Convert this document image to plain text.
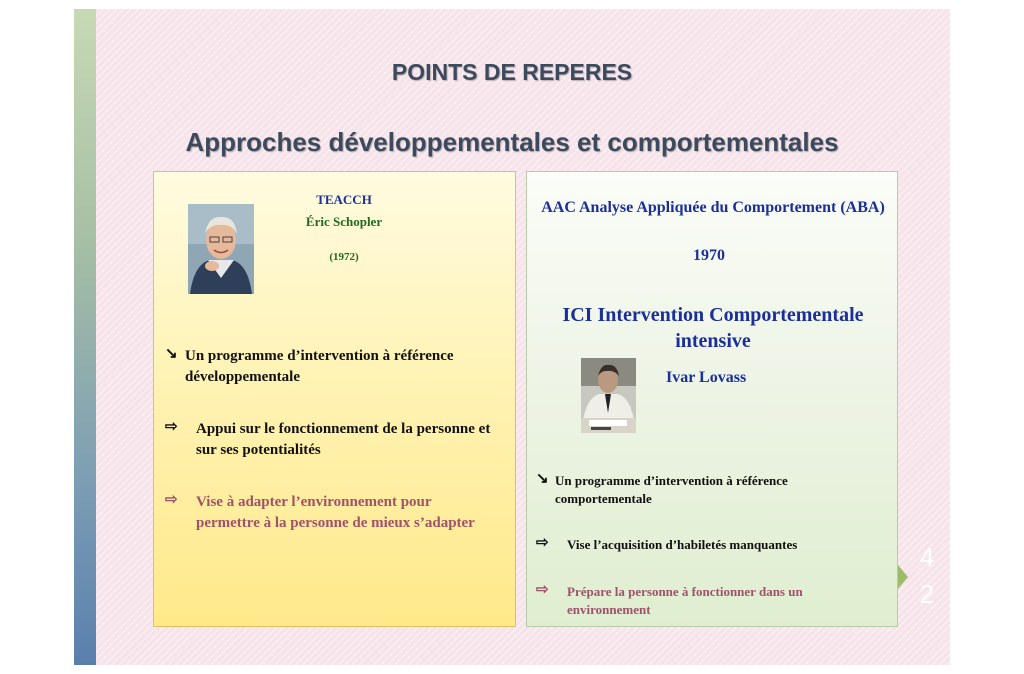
POINTS DE REPERES
Approches développementales et comportementales
TEACCH
Éric Schopler
(1972)
↘ Un programme d’intervention à référence développementale
⇨ Appui sur le fonctionnement de la personne et sur ses potentialités
⇨ Vise à adapter l’environnement pour permettre à la personne de mieux s’adapter
AAC Analyse Appliquée du Comportement (ABA)
1970
ICI Intervention Comportementale intensive
Ivar Lovass
↘ Un programme d’intervention à référence comportementale
⇨ Vise l’acquisition d’habiletés manquantes
⇨ Prépare la personne à fonctionner dans un environnement
4
2
